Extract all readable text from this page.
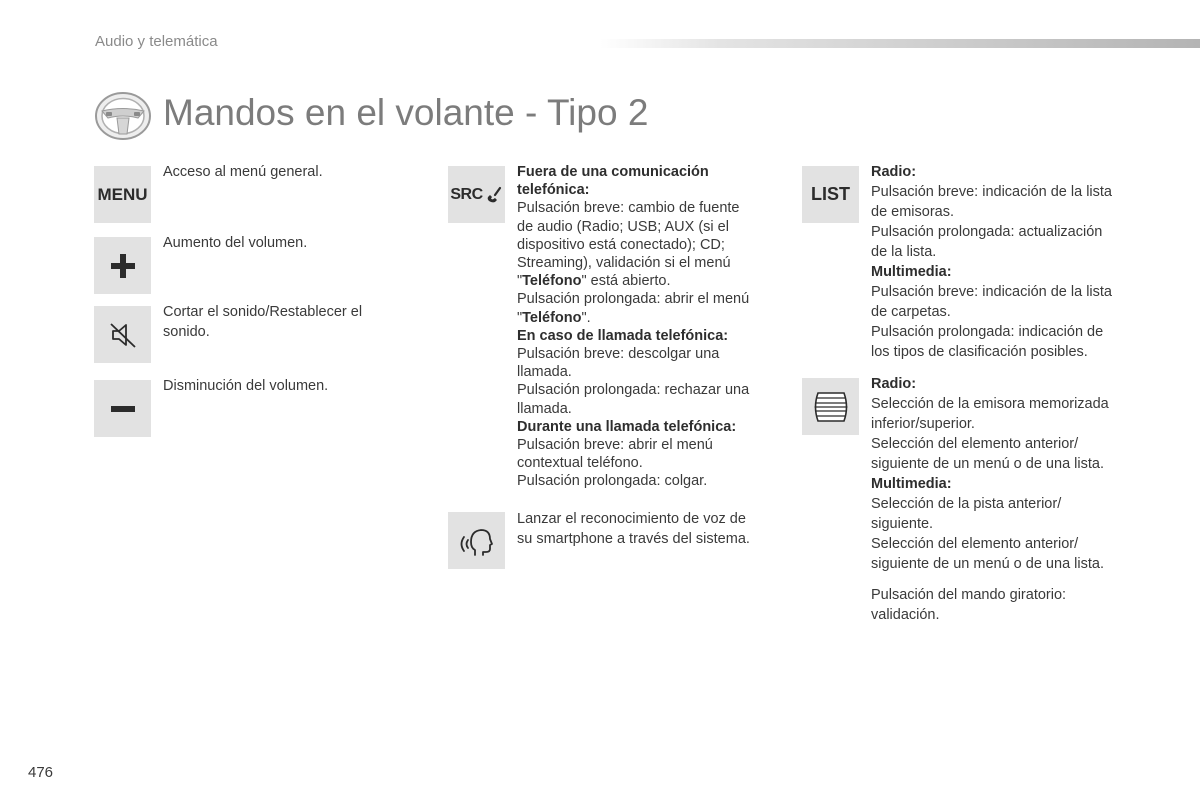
Audio y telemática
Mandos en el volante - Tipo 2
MENU
Acceso al menú general.
Aumento del volumen.
Cortar el sonido/Restablecer el
sonido.
Disminución del volumen.
SRC
Fuera de una comunicación
telefónica:
Pulsación breve: cambio de fuente
de audio (Radio; USB; AUX (si el
dispositivo está conectado); CD;
Streaming), validación si el menú
"Teléfono" está abierto.
Pulsación prolongada: abrir el menú
"Teléfono".
En caso de llamada telefónica:
Pulsación breve: descolgar una
llamada.
Pulsación prolongada: rechazar una
llamada.
Durante una llamada telefónica:
Pulsación breve: abrir el menú
contextual teléfono.
Pulsación prolongada: colgar.
Lanzar el reconocimiento de voz de
su smartphone a través del sistema.
LIST
Radio:
Pulsación breve: indicación de la lista
de emisoras.
Pulsación prolongada: actualización
de la lista.
Multimedia:
Pulsación breve: indicación de la lista
de carpetas.
Pulsación prolongada: indicación de
los tipos de clasificación posibles.
Radio:
Selección de la emisora memorizada
inferior/superior.
Selección del elemento anterior/
siguiente de un menú o de una lista.
Multimedia:
Selección de la pista anterior/
siguiente.
Selección del elemento anterior/
siguiente de un menú o de una lista.
Pulsación del mando giratorio:
validación.
476
